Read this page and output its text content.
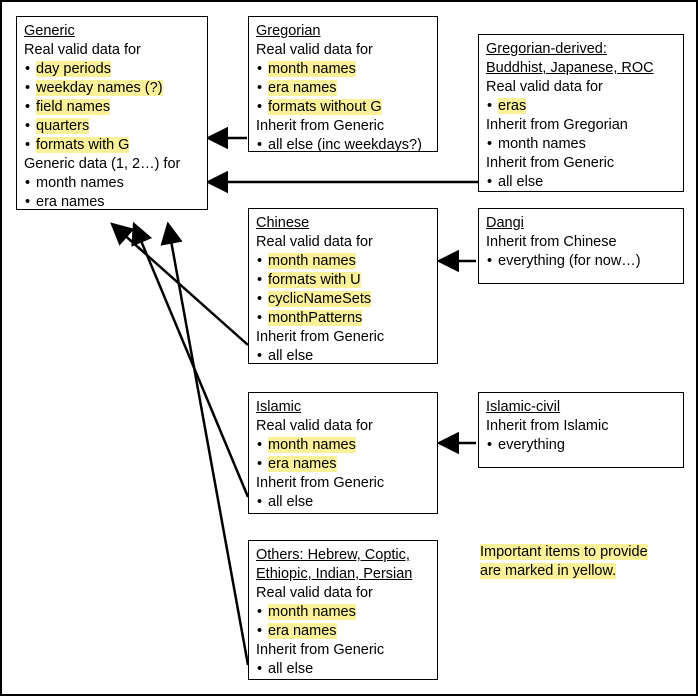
Generic
Real valid data for
• day periods
• weekday names (?)
• field names
• quarters
• formats with G
Generic data (1, 2…) for
• month names
• era names
Gregorian
Real valid data for
• month names
• era names
• formats without G
Inherit from Generic
• all else (inc weekdays?)
Gregorian-derived:
Buddhist, Japanese, ROC
Real valid data for
• eras
Inherit from Gregorian
• month names
Inherit from Generic
• all else
Chinese
Real valid data for
• month names
• formats with U
• cyclicNameSets
• monthPatterns
Inherit from Generic
• all else
Dangi
Inherit from Chinese
• everything (for now…)
Islamic
Real valid data for
• month names
• era names
Inherit from Generic
• all else
Islamic-civil
Inherit from Islamic
• everything
Others: Hebrew, Coptic,
Ethiopic, Indian, Persian
Real valid data for
• month names
• era names
Inherit from Generic
• all else
Important items to provide
are marked in yellow.
